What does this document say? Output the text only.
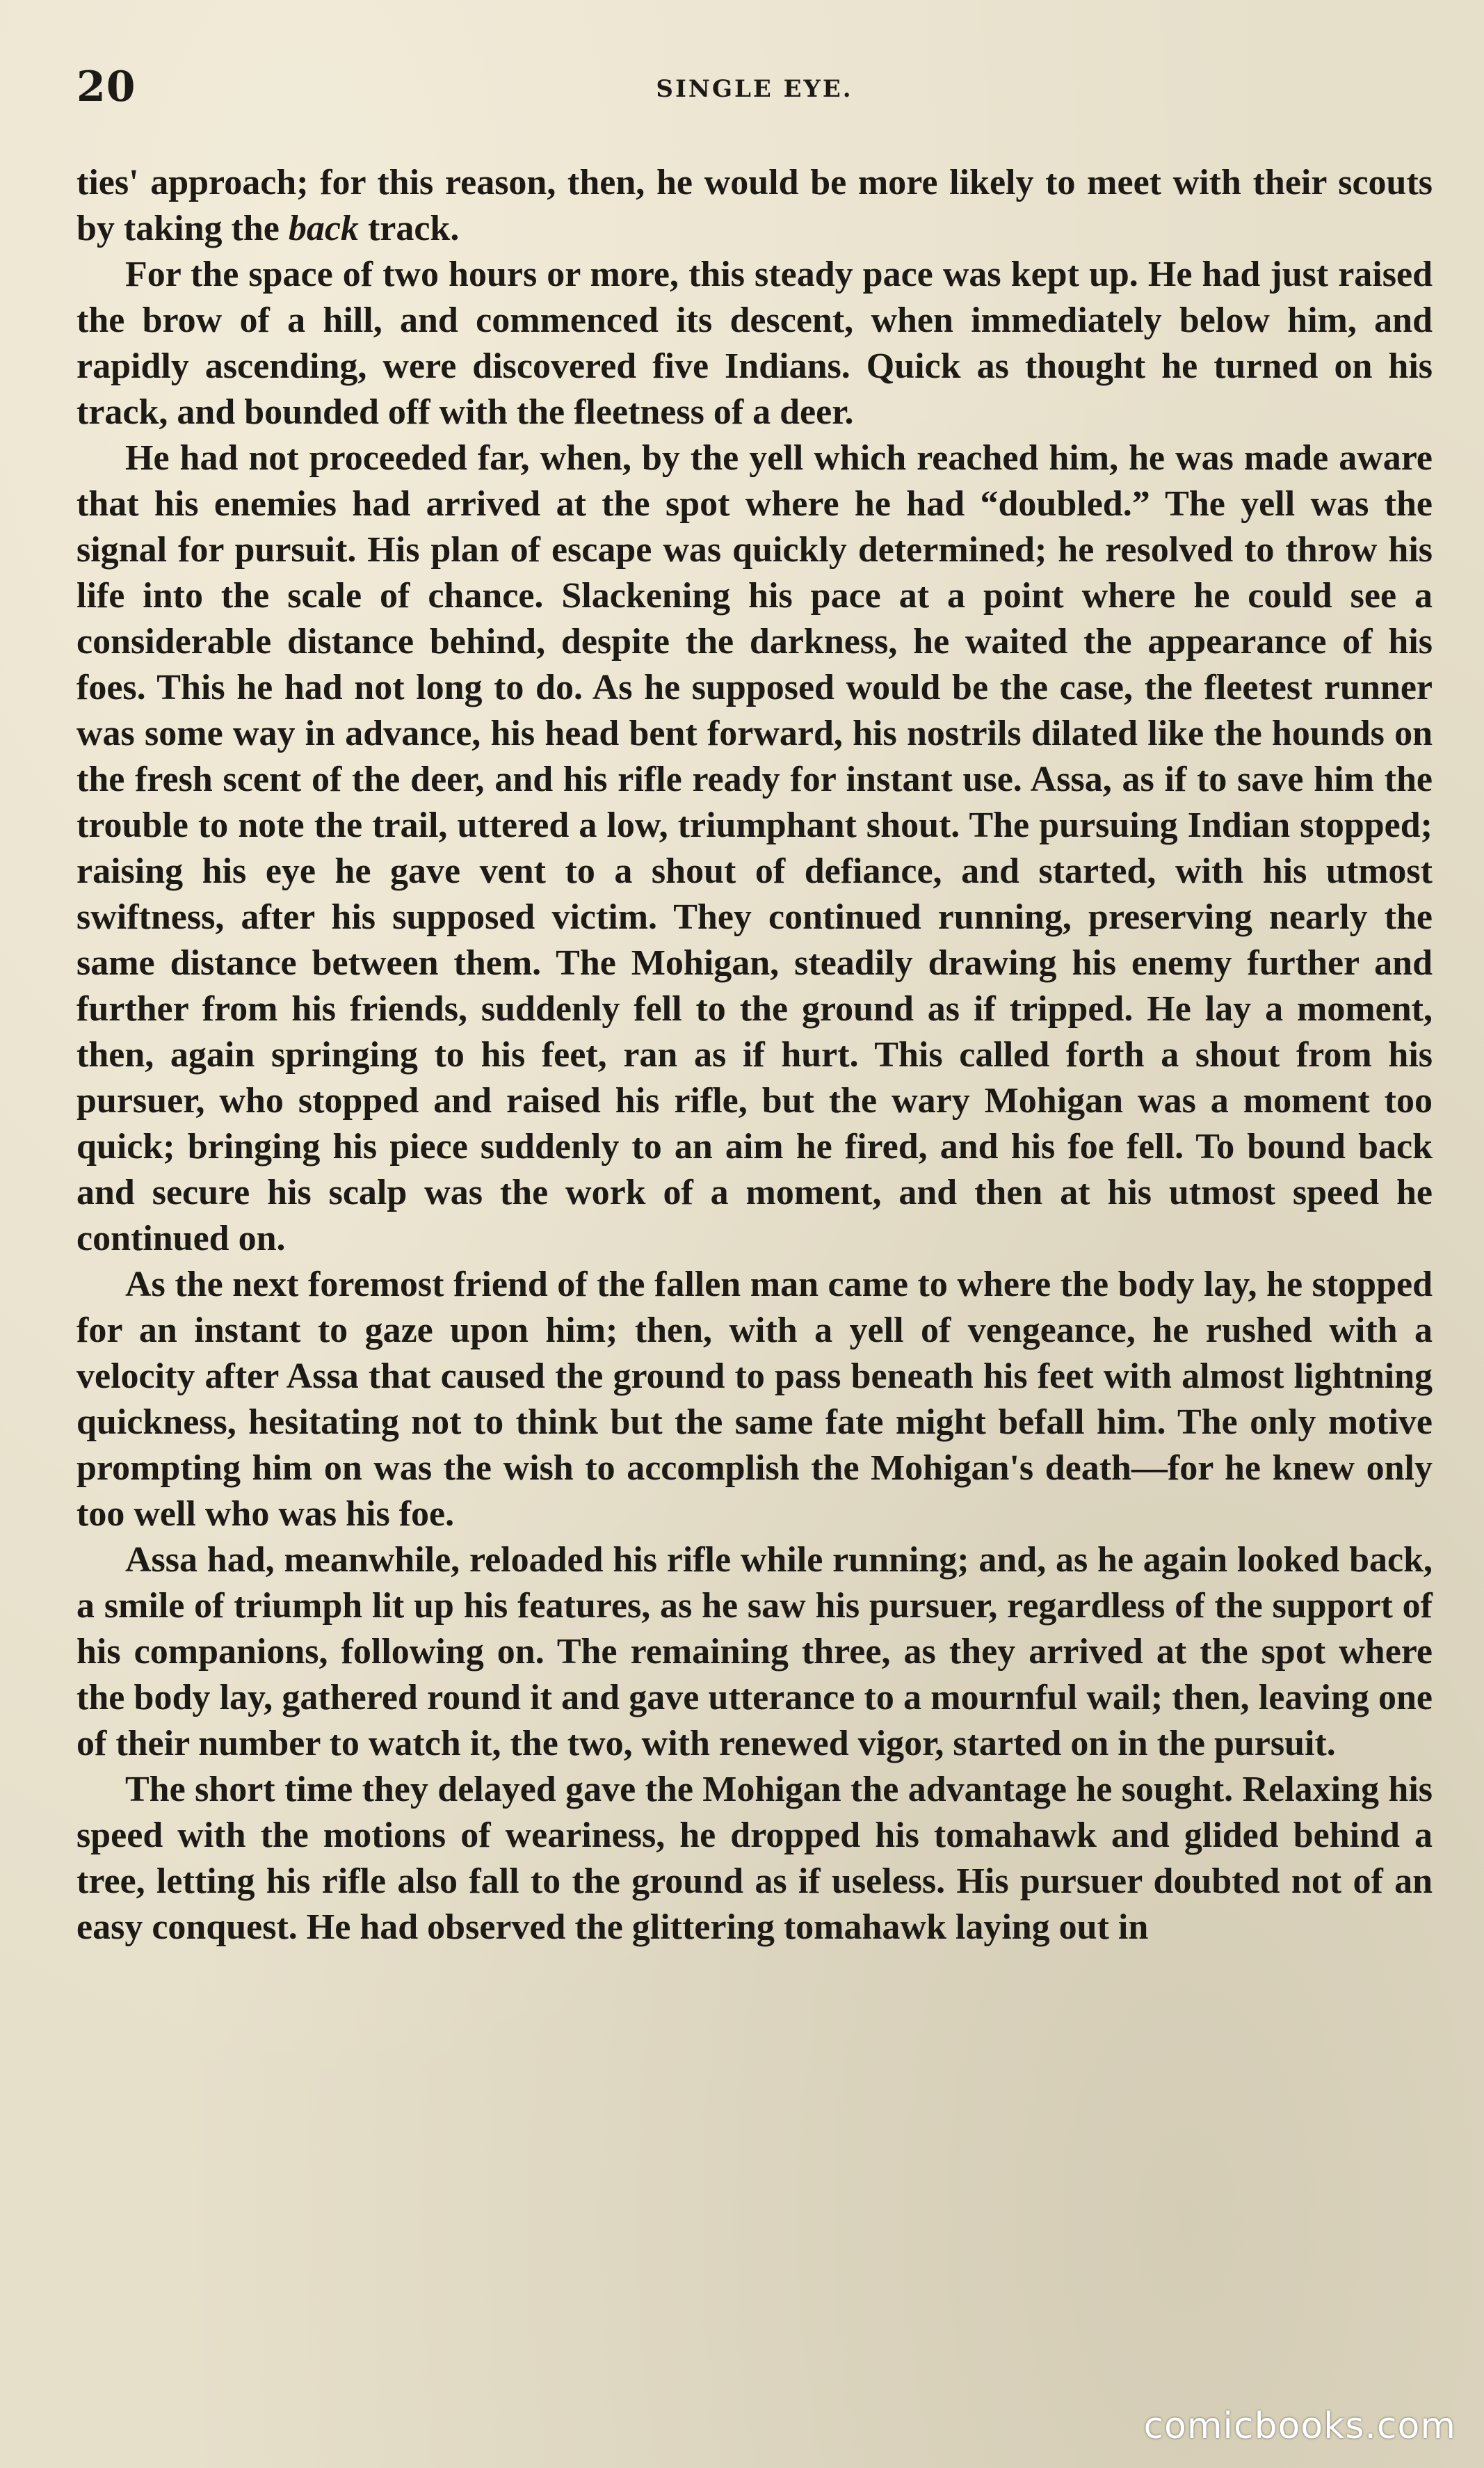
20	SINGLE EYE.

ties' approach; for this reason, then, he would be more likely to meet with their scouts by taking the back track.

For the space of two hours or more, this steady pace was kept up. He had just raised the brow of a hill, and commenced its descent, when immediately below him, and rapidly ascending, were discovered five Indians. Quick as thought he turned on his track, and bounded off with the fleetness of a deer.

He had not proceeded far, when, by the yell which reached him, he was made aware that his enemies had arrived at the spot where he had “doubled.” The yell was the signal for pursuit. His plan of escape was quickly determined; he resolved to throw his life into the scale of chance. Slackening his pace at a point where he could see a considerable distance behind, despite the darkness, he waited the appearance of his foes. This he had not long to do. As he supposed would be the case, the fleetest runner was some way in advance, his head bent forward, his nostrils dilated like the hounds on the fresh scent of the deer, and his rifle ready for instant use. Assa, as if to save him the trouble to note the trail, uttered a low, triumphant shout. The pursuing Indian stopped; raising his eye he gave vent to a shout of defiance, and started, with his utmost swiftness, after his supposed victim. They continued running, preserving nearly the same distance between them. The Mohigan, steadily drawing his enemy further and further from his friends, suddenly fell to the ground as if tripped. He lay a moment, then, again springing to his feet, ran as if hurt. This called forth a shout from his pursuer, who stopped and raised his rifle, but the wary Mohigan was a moment too quick; bringing his piece suddenly to an aim he fired, and his foe fell. To bound back and secure his scalp was the work of a moment, and then at his utmost speed he continued on.

As the next foremost friend of the fallen man came to where the body lay, he stopped for an instant to gaze upon him; then, with a yell of vengeance, he rushed with a velocity after Assa that caused the ground to pass beneath his feet with almost lightning quickness, hesitating not to think but the same fate might befall him. The only motive prompting him on was the wish to accomplish the Mohigan's death—for he knew only too well who was his foe.

Assa had, meanwhile, reloaded his rifle while running; and, as he again looked back, a smile of triumph lit up his features, as he saw his pursuer, regardless of the support of his companions, following on. The remaining three, as they arrived at the spot where the body lay, gathered round it and gave utterance to a mournful wail; then, leaving one of their number to watch it, the two, with renewed vigor, started on in the pursuit.

The short time they delayed gave the Mohigan the advantage he sought. Relaxing his speed with the motions of weariness, he dropped his tomahawk and glided behind a tree, letting his rifle also fall to the ground as if useless. His pursuer doubted not of an easy conquest. He had observed the glittering tomahawk laying out in

comicbooks.com
